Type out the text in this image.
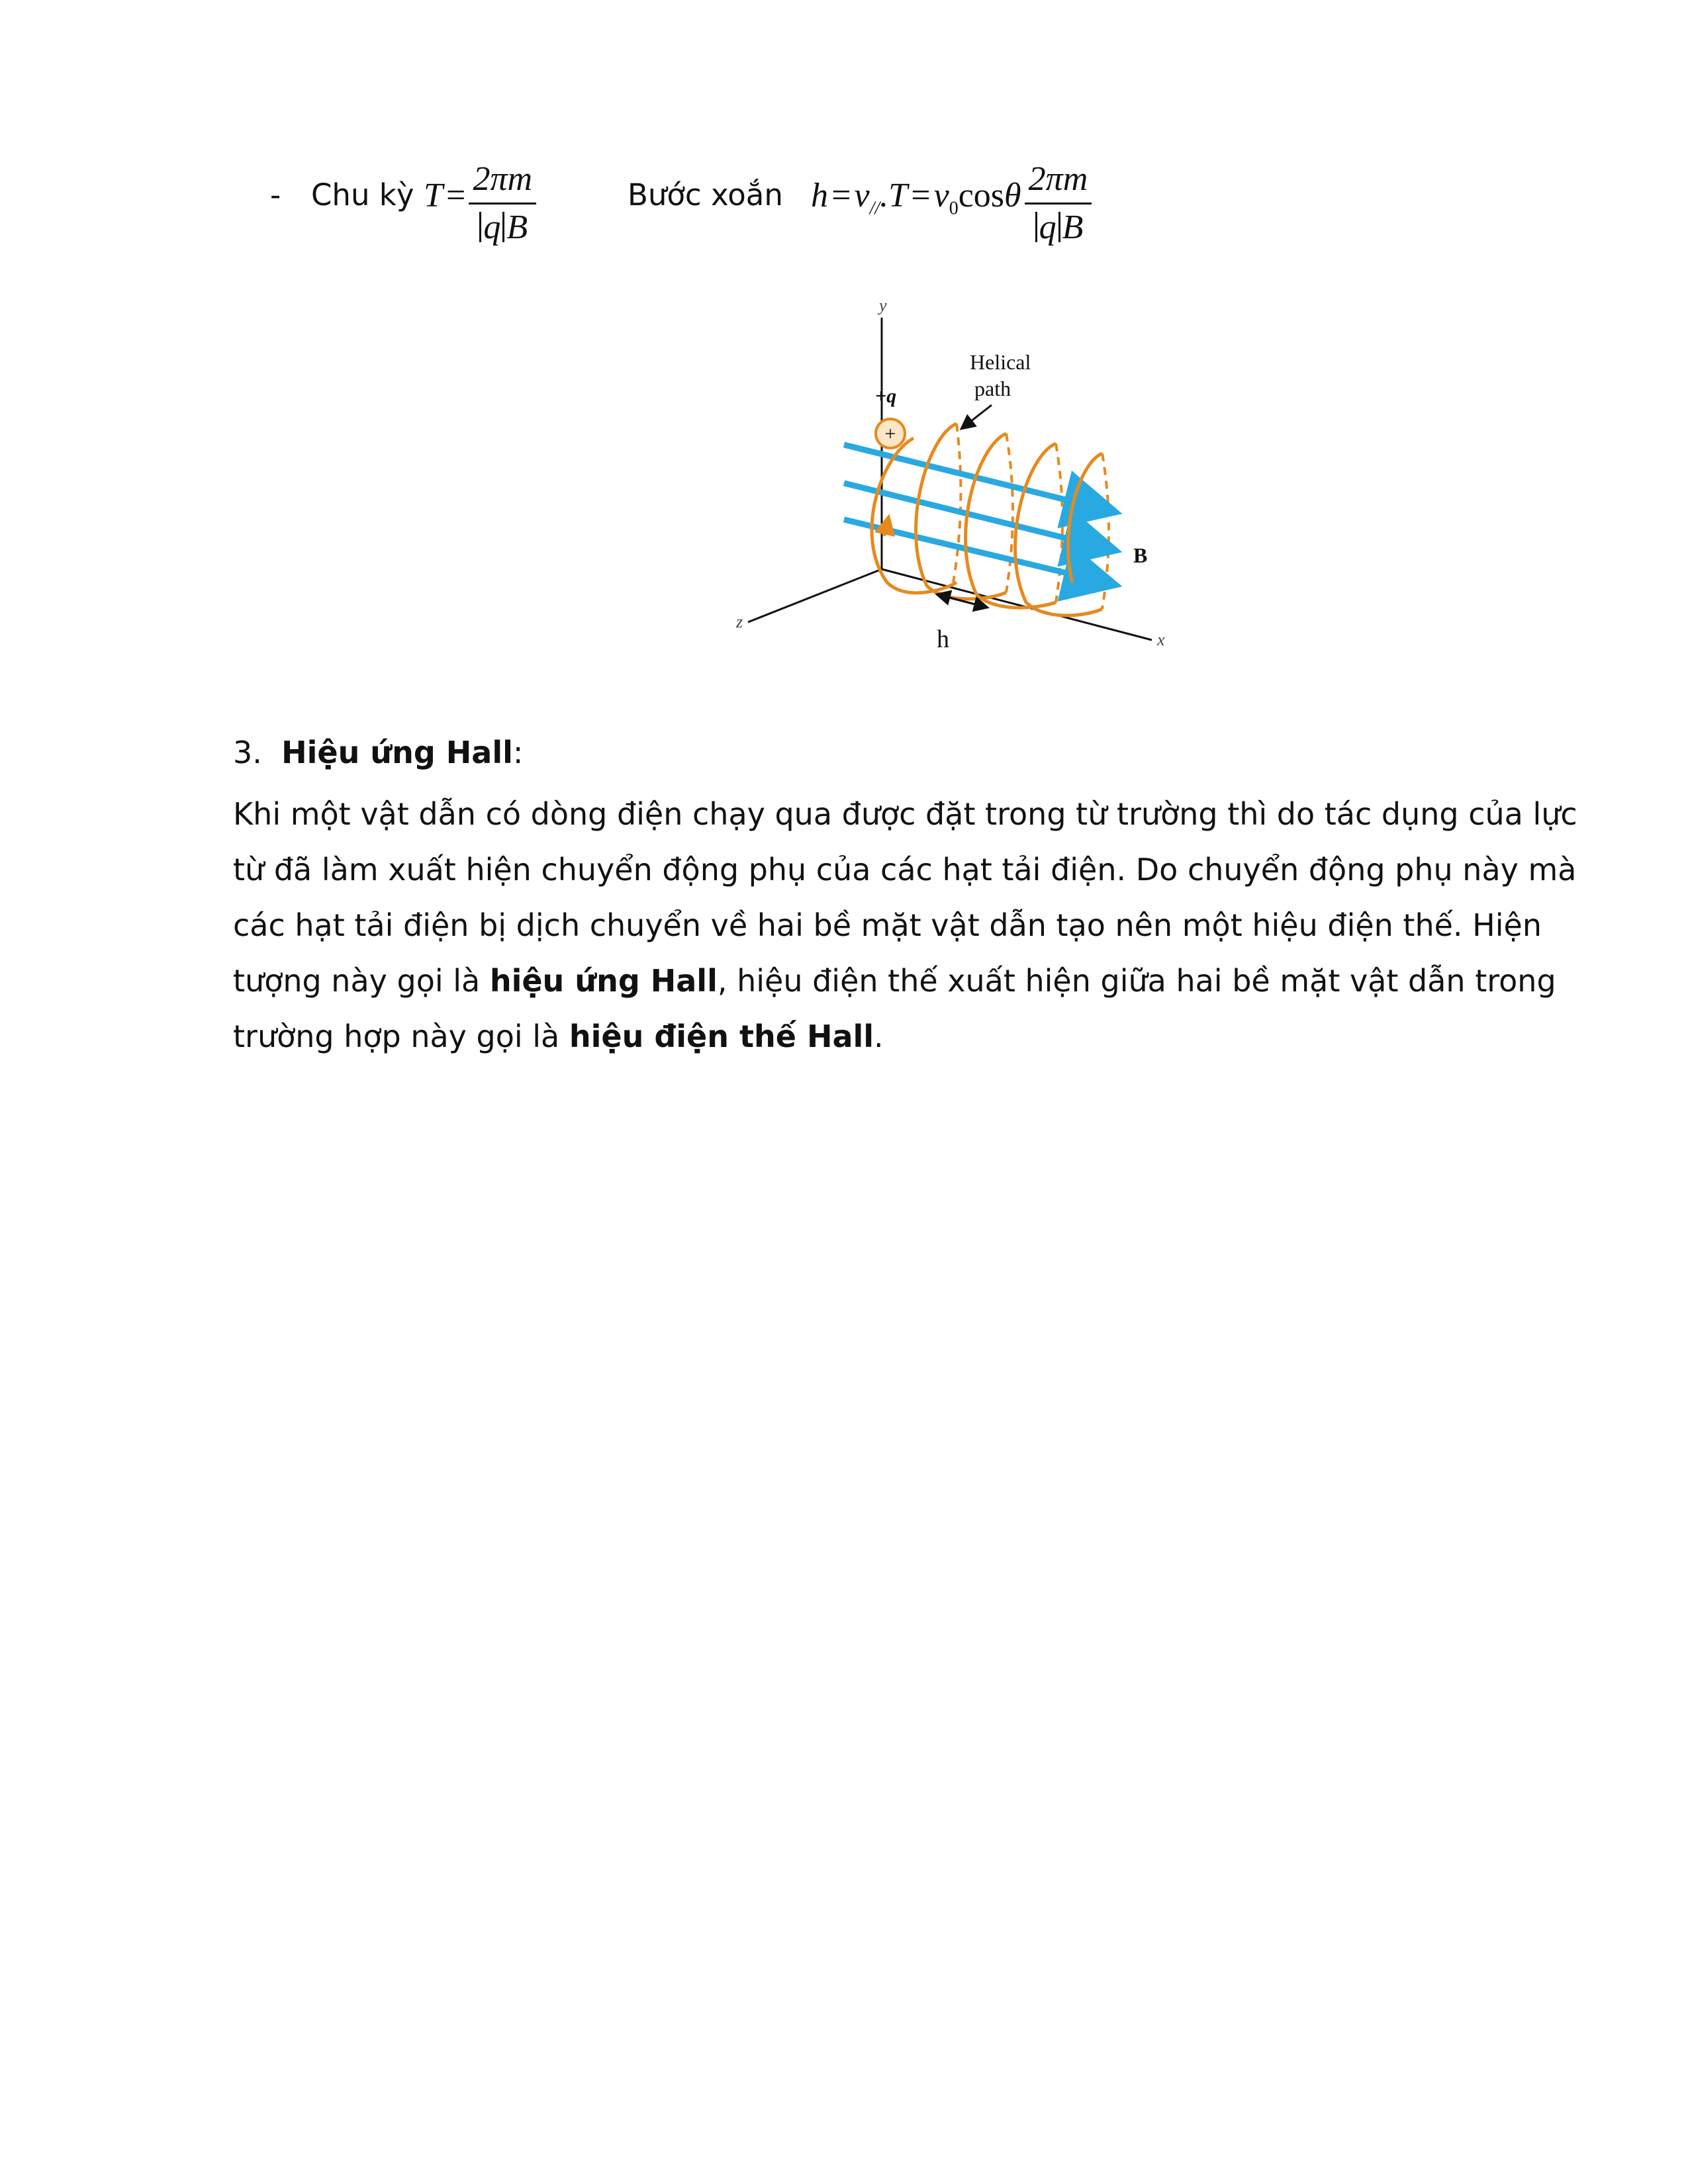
- Chu kỳ $T = \frac{2\pi m}{\text{q B}}$	Bước xoắn $h = v_{//}.T = v_0\cos\theta \frac{2\pi m}{\text{q B}}$
y
x
z
+
+q
Helical
path
B
h
3. Hiệu ứng Hall:

Khi một vật dẫn có dòng điện chạy qua được đặt trong từ trường thì do tác dụng của lực từ đã làm xuất hiện chuyển động phụ của các hạt tải điện. Do chuyển động phụ này mà các hạt tải điện bị dịch chuyển về hai bề mặt vật dẫn tạo nên một hiệu điện thế. Hiện tượng này gọi là hiệu ứng Hall, hiệu điện thế xuất hiện giữa hai bề mặt vật dẫn trong trường hợp này gọi là hiệu điện thế Hall.
